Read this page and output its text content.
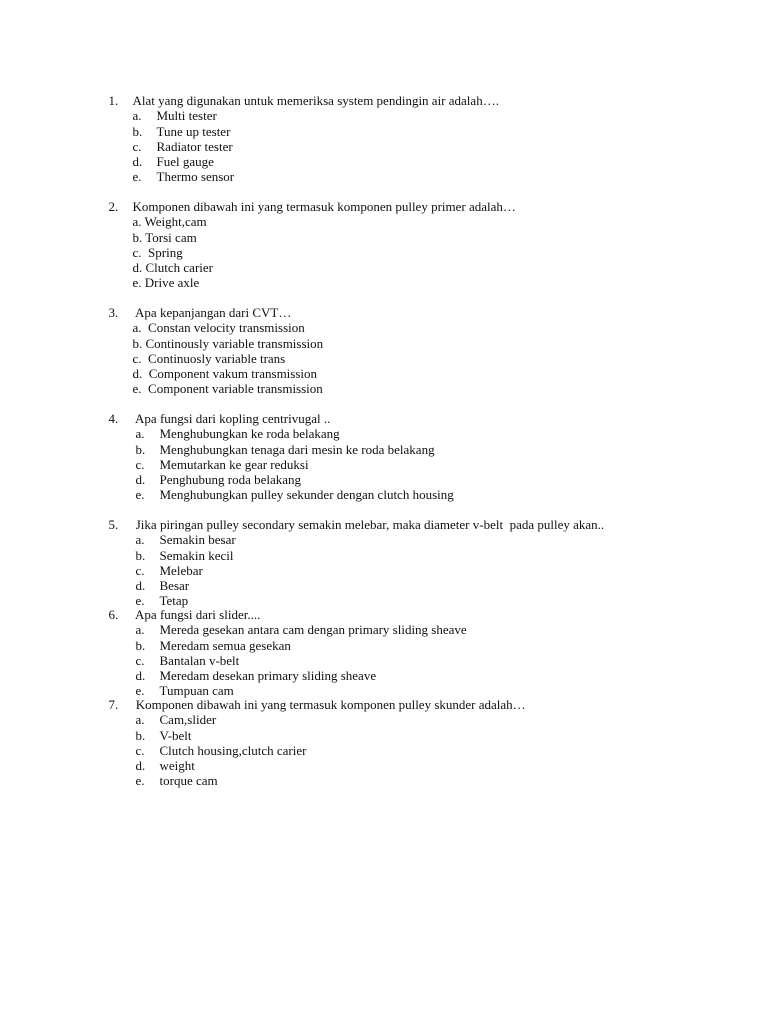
1. Alat yang digunakan untuk memeriksa system pendingin air adalah….

a. Multi tester

b. Tune up tester

c. Radiator tester

d. Fuel gauge

e. Thermo sensor

2. Komponen dibawah ini yang termasuk komponen pulley primer adalah…

a. Weight,cam

b. Torsi cam

c. Spring

d. Clutch carier

e. Drive axle

3. Apa kepanjangan dari CVT…

a. Constan velocity transmission

b. Continously variable transmission

c. Continuosly variable trans

d. Component vakum transmission

e. Component variable transmission

4. Apa fungsi dari kopling centrivugal ..

a. Menghubungkan ke roda belakang

b. Menghubungkan tenaga dari mesin ke roda belakang

c. Memutarkan ke gear reduksi

d. Penghubung roda belakang

e. Menghubungkan pulley sekunder dengan clutch housing

5. Jika piringan pulley secondary semakin melebar, maka diameter v-belt  pada pulley akan..

a. Semakin besar

b. Semakin kecil

c. Melebar

d. Besar

e. Tetap

6. Apa fungsi dari slider....

a. Mereda gesekan antara cam dengan primary sliding sheave

b. Meredam semua gesekan

c. Bantalan v-belt

d. Meredam desekan primary sliding sheave

e. Tumpuan cam

7. Komponen dibawah ini yang termasuk komponen pulley skunder adalah…

a. Cam,slider

b. V-belt

c. Clutch housing,clutch carier

d. weight

e. torque cam
